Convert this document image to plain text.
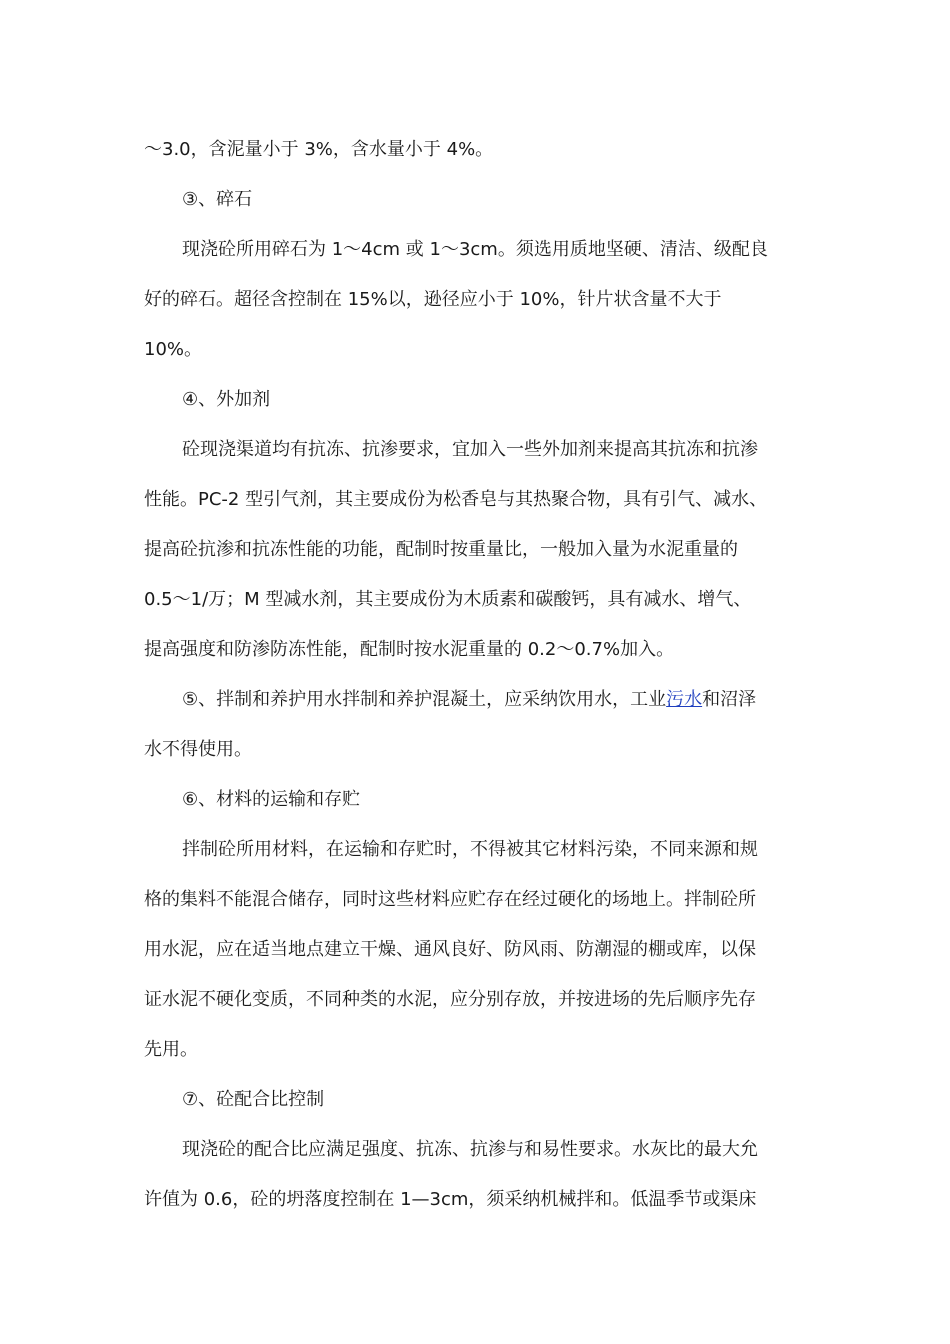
～3.0，含泥量小于 3%，含水量小于 4%。
③、碎石
现浇砼所用碎石为 1～4cm 或 1～3cm。须选用质地坚硬、清洁、级配良
好的碎石。超径含控制在 15%以，逊径应小于 10%，针片状含量不大于
10%。
④、外加剂
砼现浇渠道均有抗冻、抗渗要求，宜加入一些外加剂来提高其抗冻和抗渗
性能。PC-2 型引气剂，其主要成份为松香皂与其热聚合物，具有引气、减水、
提高砼抗渗和抗冻性能的功能，配制时按重量比，一般加入量为水泥重量的
0.5～1/万；M 型减水剂，其主要成份为木质素和碳酸钙，具有减水、增气、
提高强度和防渗防冻性能，配制时按水泥重量的 0.2～0.7%加入。
⑤、拌制和养护用水拌制和养护混凝土，应采纳饮用水，工业污水和沼泽
水不得使用。
⑥、材料的运输和存贮
拌制砼所用材料，在运输和存贮时，不得被其它材料污染，不同来源和规
格的集料不能混合储存，同时这些材料应贮存在经过硬化的场地上。拌制砼所
用水泥，应在适当地点建立干燥、通风良好、防风雨、防潮湿的棚或库，以保
证水泥不硬化变质，不同种类的水泥，应分别存放，并按进场的先后顺序先存
先用。
⑦、砼配合比控制
现浇砼的配合比应满足强度、抗冻、抗渗与和易性要求。水灰比的最大允
许值为 0.6，砼的坍落度控制在 1—3cm，须采纳机械拌和。低温季节或渠床
